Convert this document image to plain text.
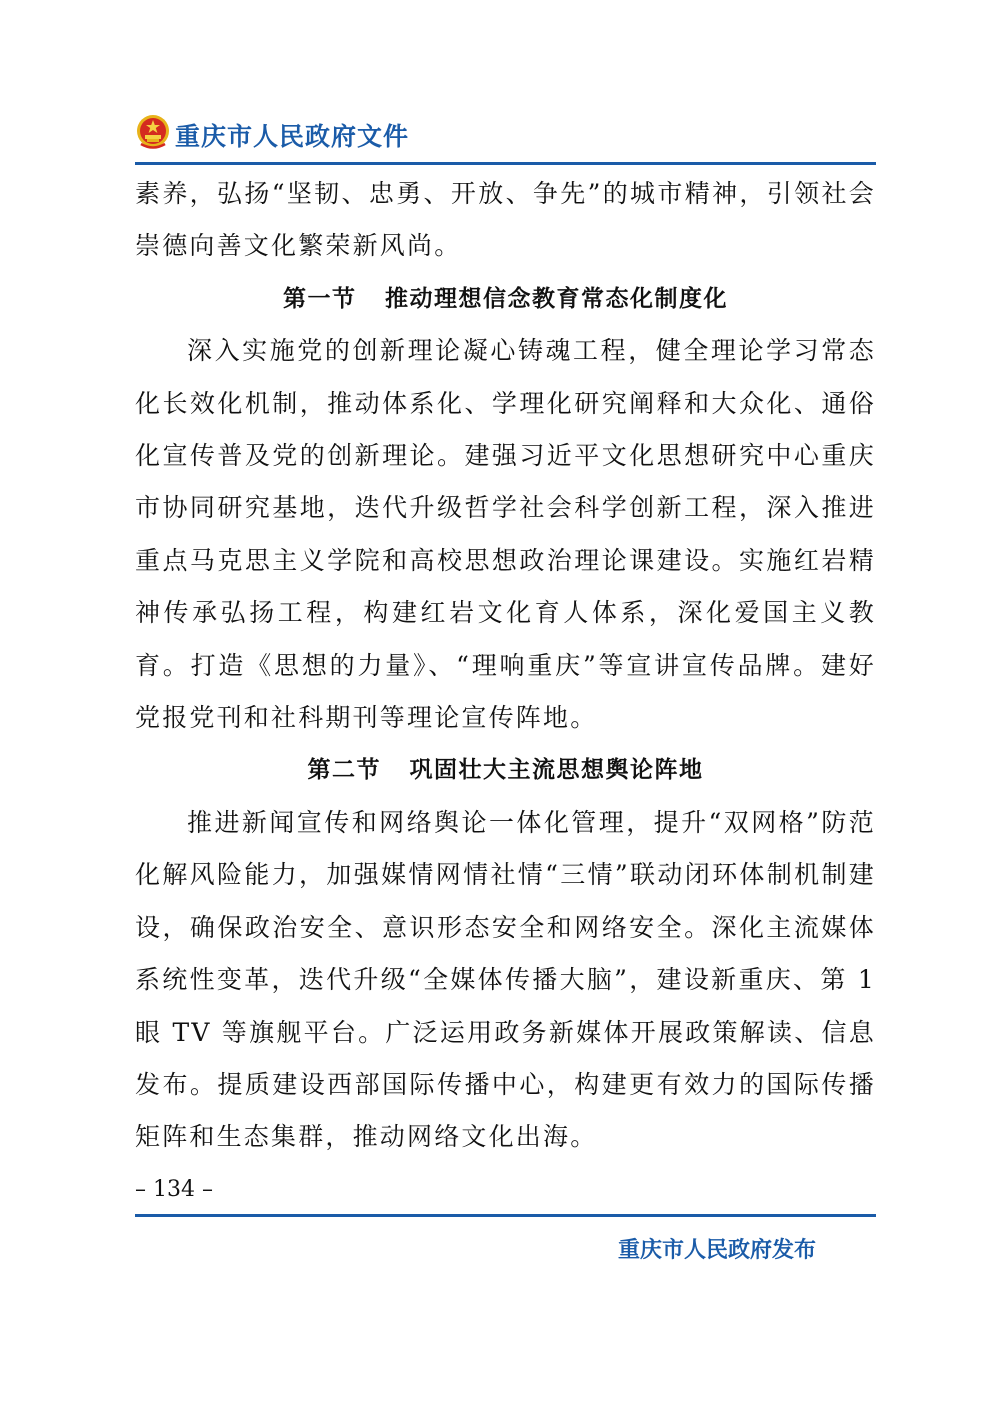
重庆市人民政府文件

素养，弘扬“坚韧、忠勇、开放、争先”的城市精神，引领社会崇德向善文化繁荣新风尚。

第一节   推动理想信念教育常态化制度化

深入实施党的创新理论凝心铸魂工程，健全理论学习常态化长效化机制，推动体系化、学理化研究阐释和大众化、通俗化宣传普及党的创新理论。建强习近平文化思想研究中心重庆市协同研究基地，迭代升级哲学社会科学创新工程，深入推进重点马克思主义学院和高校思想政治理论课建设。实施红岩精神传承弘扬工程，构建红岩文化育人体系，深化爱国主义教育。打造《思想的力量》、“理响重庆”等宣讲宣传品牌。建好党报党刊和社科期刊等理论宣传阵地。

第二节   巩固壮大主流思想舆论阵地

推进新闻宣传和网络舆论一体化管理，提升“双网格”防范化解风险能力，加强媒情网情社情“三情”联动闭环体制机制建设，确保政治安全、意识形态安全和网络安全。深化主流媒体系统性变革，迭代升级“全媒体传播大脑”，建设新重庆、第 1 眼 TV 等旗舰平台。广泛运用政务新媒体开展政策解读、信息发布。提质建设西部国际传播中心，构建更有效力的国际传播矩阵和生态集群，推动网络文化出海。

– 134 –
重庆市人民政府发布
